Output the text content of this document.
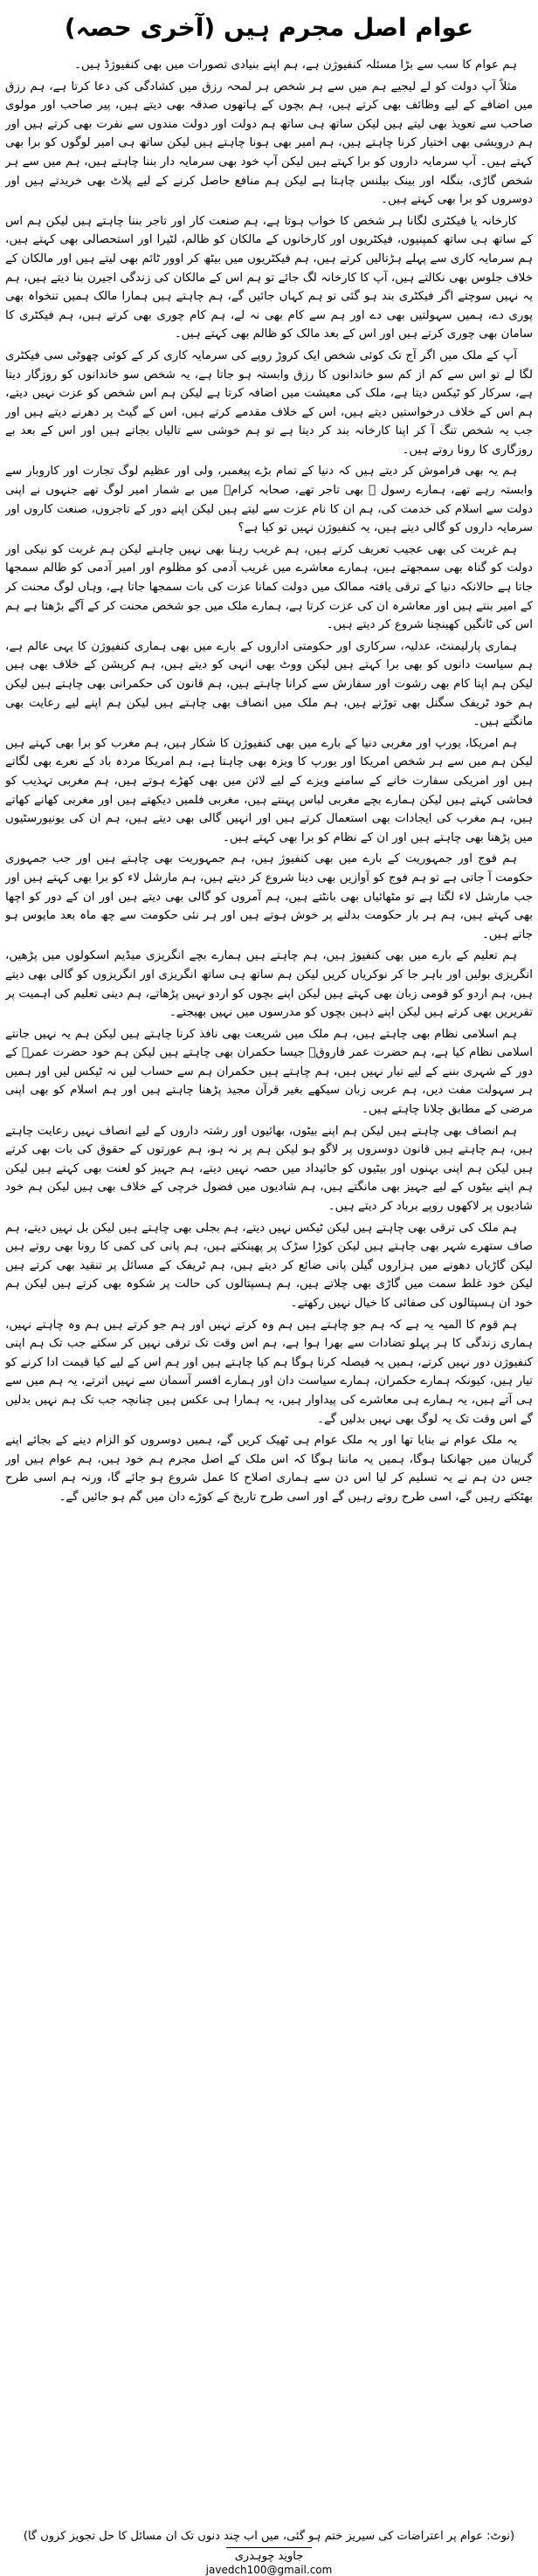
عوام اصل مجرم ہیں (آخری حصہ)

ہم عوام کا سب سے بڑا مسئلہ کنفیوژن ہے، ہم اپنے بنیادی تصورات میں بھی کنفیوژڈ ہیں۔

مثلاً آپ دولت کو لے لیجیے ہم میں سے ہر شخص ہر لمحہ رزق میں کشادگی کی دعا کرتا ہے، ہم رزق میں اضافے کے لیے وظائف بھی کرتے ہیں، ہم بچوں کے ہاتھوں صدقہ بھی دیتے ہیں، پیر صاحب اور مولوی صاحب سے تعویذ بھی لیتے ہیں لیکن ساتھ ہی ساتھ ہم دولت اور دولت مندوں سے نفرت بھی کرتے ہیں اور ہم درویشی بھی اختیار کرنا چاہتے ہیں، ہم امیر بھی ہونا چاہتے ہیں لیکن ساتھ ہی امیر لوگوں کو برا بھی کہتے ہیں۔ آپ سرمایہ داروں کو برا کہتے ہیں لیکن آپ خود بھی سرمایہ دار بننا چاہتے ہیں، ہم میں سے ہر شخص گاڑی، بنگلہ اور بینک بیلنس چاہتا ہے لیکن ہم منافع حاصل کرنے کے لیے پلاٹ بھی خریدتے ہیں اور دوسروں کو برا بھی کہتے ہیں۔

کارخانہ یا فیکٹری لگانا ہر شخص کا خواب ہوتا ہے، ہم صنعت کار اور تاجر بننا چاہتے ہیں لیکن ہم اس کے ساتھ ہی ساتھ کمپنیوں، فیکٹریوں اور کارخانوں کے مالکان کو ظالم، لٹیرا اور استحصالی بھی کہتے ہیں، ہم سرمایہ کاری سے پہلے ہڑتالیں کرتے ہیں، ہم فیکٹریوں میں بیٹھ کر اوور ٹائم بھی لیتے ہیں اور مالکان کے خلاف جلوس بھی نکالتے ہیں، آپ کا کارخانہ لگ جائے تو ہم اس کے مالکان کی زندگی اجیرن بنا دیتے ہیں، ہم یہ نہیں سوچتے اگر فیکٹری بند ہو گئی تو ہم کہاں جائیں گے، ہم چاہتے ہیں ہمارا مالک ہمیں تنخواہ بھی پوری دے، ہمیں سہولتیں بھی دے اور ہم سے کام بھی نہ لے، ہم کام چوری بھی کرتے ہیں، ہم فیکٹری کا سامان بھی چوری کرتے ہیں اور اس کے بعد مالک کو ظالم بھی کہتے ہیں۔

آپ کے ملک میں اگر آج تک کوئی شخص ایک کروڑ روپے کی سرمایہ کاری کر کے کوئی چھوٹی سی فیکٹری لگا لے تو اس سے کم از کم سو خاندانوں کا رزق وابستہ ہو جاتا ہے، یہ شخص سو خاندانوں کو روزگار دیتا ہے، سرکار کو ٹیکس دیتا ہے، ملک کی معیشت میں اضافہ کرتا ہے لیکن ہم اس شخص کو عزت نہیں دیتے، ہم اس کے خلاف درخواستیں دیتے ہیں، اس کے خلاف مقدمے کرتے ہیں، اس کے گیٹ پر دھرنے دیتے ہیں اور جب یہ شخص تنگ آ کر اپنا کارخانہ بند کر دیتا ہے تو ہم خوشی سے تالیاں بجاتے ہیں اور اس کے بعد بے روزگاری کا رونا روتے ہیں۔

ہم یہ بھی فراموش کر دیتے ہیں کہ دنیا کے تمام بڑے پیغمبر، ولی اور عظیم لوگ تجارت اور کاروبار سے وابستہ رہے تھے، ہمارے رسول ﷺ بھی تاجر تھے، صحابہ کرامؓ میں بے شمار امیر لوگ تھے جنہوں نے اپنی دولت سے اسلام کی خدمت کی، ہم ان کا نام عزت سے لیتے ہیں لیکن اپنے دور کے تاجروں، صنعت کاروں اور سرمایہ داروں کو گالی دیتے ہیں، یہ کنفیوژن نہیں تو کیا ہے؟

ہم غربت کی بھی عجیب تعریف کرتے ہیں، ہم غریب رہنا بھی نہیں چاہتے لیکن ہم غربت کو نیکی اور دولت کو گناہ بھی سمجھتے ہیں، ہمارے معاشرے میں غریب آدمی کو مظلوم اور امیر آدمی کو ظالم سمجھا جاتا ہے حالانکہ دنیا کے ترقی یافتہ ممالک میں دولت کمانا عزت کی بات سمجھا جاتا ہے، وہاں لوگ محنت کر کے امیر بنتے ہیں اور معاشرہ ان کی عزت کرتا ہے، ہمارے ملک میں جو شخص محنت کر کے آگے بڑھتا ہے ہم اس کی ٹانگیں کھینچنا شروع کر دیتے ہیں۔

ہماری پارلیمنٹ، عدلیہ، سرکاری اور حکومتی اداروں کے بارے میں بھی ہماری کنفیوژن کا یہی عالم ہے، ہم سیاست دانوں کو بھی برا کہتے ہیں لیکن ووٹ بھی انہی کو دیتے ہیں، ہم کرپشن کے خلاف بھی ہیں لیکن ہم اپنا کام بھی رشوت اور سفارش سے کرانا چاہتے ہیں، ہم قانون کی حکمرانی بھی چاہتے ہیں لیکن ہم خود ٹریفک سگنل بھی توڑتے ہیں، ہم ملک میں انصاف بھی چاہتے ہیں لیکن ہم اپنے لیے رعایت بھی مانگتے ہیں۔

ہم امریکا، یورپ اور مغربی دنیا کے بارے میں بھی کنفیوژن کا شکار ہیں، ہم مغرب کو برا بھی کہتے ہیں لیکن ہم میں سے ہر شخص امریکا اور یورپ کا ویزہ بھی چاہتا ہے، ہم امریکا مردہ باد کے نعرے بھی لگاتے ہیں اور امریکی سفارت خانے کے سامنے ویزے کے لیے لائن میں بھی کھڑے ہوتے ہیں، ہم مغربی تہذیب کو فحاشی کہتے ہیں لیکن ہمارے بچے مغربی لباس پہنتے ہیں، مغربی فلمیں دیکھتے ہیں اور مغربی کھانے کھاتے ہیں، ہم مغرب کی ایجادات بھی استعمال کرتے ہیں اور انہیں گالی بھی دیتے ہیں، ہم ان کی یونیورسٹیوں میں پڑھنا بھی چاہتے ہیں اور ان کے نظام کو برا بھی کہتے ہیں۔

ہم فوج اور جمہوریت کے بارے میں بھی کنفیوژ ہیں، ہم جمہوریت بھی چاہتے ہیں اور جب جمہوری حکومت آ جاتی ہے تو ہم فوج کو آوازیں بھی دینا شروع کر دیتے ہیں، ہم مارشل لاء کو برا بھی کہتے ہیں اور جب مارشل لاء لگتا ہے تو مٹھائیاں بھی بانٹتے ہیں، ہم آمروں کو گالی بھی دیتے ہیں اور ان کے دور کو اچھا بھی کہتے ہیں، ہم ہر بار حکومت بدلنے پر خوش ہوتے ہیں اور ہر نئی حکومت سے چھ ماہ بعد مایوس ہو جاتے ہیں۔

ہم تعلیم کے بارے میں بھی کنفیوژ ہیں، ہم چاہتے ہیں ہمارے بچے انگریزی میڈیم اسکولوں میں پڑھیں، انگریزی بولیں اور باہر جا کر نوکریاں کریں لیکن ہم ساتھ ہی ساتھ انگریزی اور انگریزوں کو گالی بھی دیتے ہیں، ہم اردو کو قومی زبان بھی کہتے ہیں لیکن اپنے بچوں کو اردو نہیں پڑھاتے، ہم دینی تعلیم کی اہمیت پر تقریریں بھی کرتے ہیں لیکن اپنے ذہین بچوں کو مدرسوں میں نہیں بھیجتے۔

ہم اسلامی نظام بھی چاہتے ہیں، ہم ملک میں شریعت بھی نافذ کرنا چاہتے ہیں لیکن ہم یہ نہیں جانتے اسلامی نظام کیا ہے، ہم حضرت عمر فاروقؓ جیسا حکمران بھی چاہتے ہیں لیکن ہم خود حضرت عمرؓ کے دور کے شہری بننے کے لیے تیار نہیں ہیں، ہم چاہتے ہیں حکمران ہم سے حساب لیں نہ ٹیکس لیں اور ہمیں ہر سہولت مفت دیں، ہم عربی زبان سیکھے بغیر قرآن مجید پڑھنا چاہتے ہیں اور ہم اسلام کو بھی اپنی مرضی کے مطابق چلانا چاہتے ہیں۔

ہم انصاف بھی چاہتے ہیں لیکن ہم اپنے بیٹوں، بھائیوں اور رشتہ داروں کے لیے انصاف نہیں رعایت چاہتے ہیں، ہم چاہتے ہیں قانون دوسروں پر لاگو ہو لیکن ہم پر نہ ہو، ہم عورتوں کے حقوق کی بات بھی کرتے ہیں لیکن ہم اپنی بہنوں اور بیٹیوں کو جائیداد میں حصہ نہیں دیتے، ہم جہیز کو لعنت بھی کہتے ہیں لیکن ہم اپنے بیٹوں کے لیے جہیز بھی مانگتے ہیں، ہم شادیوں میں فضول خرچی کے خلاف بھی ہیں لیکن ہم خود شادیوں پر لاکھوں روپے برباد کر دیتے ہیں۔

ہم ملک کی ترقی بھی چاہتے ہیں لیکن ٹیکس نہیں دیتے، ہم بجلی بھی چاہتے ہیں لیکن بل نہیں دیتے، ہم صاف ستھرے شہر بھی چاہتے ہیں لیکن کوڑا سڑک پر پھینکتے ہیں، ہم پانی کی کمی کا رونا بھی روتے ہیں لیکن گاڑیاں دھونے میں ہزاروں گیلن پانی ضائع کر دیتے ہیں، ہم ٹریفک کے مسائل پر تنقید بھی کرتے ہیں لیکن خود غلط سمت میں گاڑی بھی چلاتے ہیں، ہم ہسپتالوں کی حالت پر شکوہ بھی کرتے ہیں لیکن ہم خود ان ہسپتالوں کی صفائی کا خیال نہیں رکھتے۔

ہم قوم کا المیہ یہ ہے کہ ہم جو چاہتے ہیں ہم وہ کرتے نہیں اور ہم جو کرتے ہیں ہم وہ چاہتے نہیں، ہماری زندگی کا ہر پہلو تضادات سے بھرا ہوا ہے، ہم اس وقت تک ترقی نہیں کر سکتے جب تک ہم اپنی کنفیوژن دور نہیں کرتے، ہمیں یہ فیصلہ کرنا ہوگا ہم کیا چاہتے ہیں اور ہم اس کے لیے کیا قیمت ادا کرنے کو تیار ہیں، کیونکہ ہمارے حکمران، ہمارے سیاست دان اور ہمارے افسر آسمان سے نہیں اترتے، یہ ہم میں سے ہی آتے ہیں، یہ ہمارے ہی معاشرے کی پیداوار ہیں، یہ ہمارا ہی عکس ہیں چنانچہ جب تک ہم نہیں بدلیں گے اس وقت تک یہ لوگ بھی نہیں بدلیں گے۔

یہ ملک عوام نے بنایا تھا اور یہ ملک عوام ہی ٹھیک کریں گے، ہمیں دوسروں کو الزام دینے کے بجائے اپنے گریبان میں جھانکنا ہوگا، ہمیں یہ ماننا ہوگا کہ اس ملک کے اصل مجرم ہم خود ہیں، ہم عوام ہیں اور جس دن ہم نے یہ تسلیم کر لیا اس دن سے ہماری اصلاح کا عمل شروع ہو جائے گا، ورنہ ہم اسی طرح بھٹکتے رہیں گے، اسی طرح روتے رہیں گے اور اسی طرح تاریخ کے کوڑے دان میں گم ہو جائیں گے۔

(نوٹ: عوام پر اعتراضات کی سیریز ختم ہو گئی، میں اب چند دنوں تک ان مسائل کا حل تجویز کروں گا)
جاوید چوہدری
javedch100@gmail.com
